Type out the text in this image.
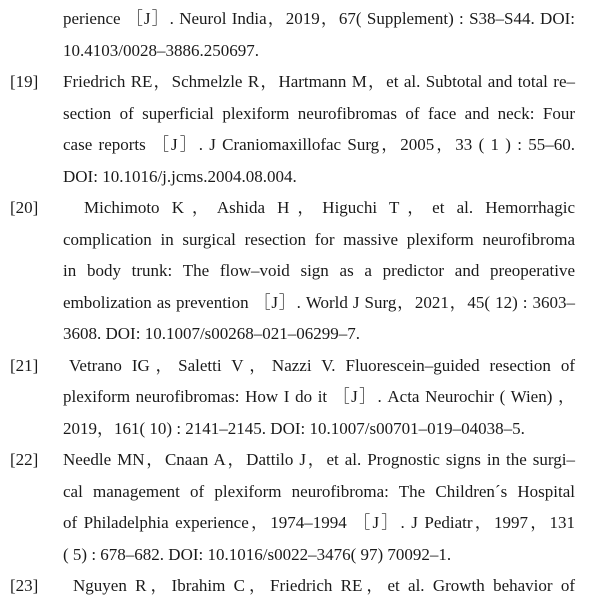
perience ［J］. Neurol India，2019，67( Supplement) : S38–S44. DOI:
10.4103/0028–3886.250697.
[19] Friedrich RE，Schmelzle R，Hartmann M，et al. Subtotal and total re–
section of superficial plexiform neurofibromas of face and neck: Four
case reports ［J］. J Craniomaxillofac Surg，2005，33 ( 1 ) : 55–60.
DOI: 10.1016/j.jcms.2004.08.004.
[20]	Michimoto K，Ashida H，Higuchi T，et al. Hemorrhagic
complication in surgical resection for massive plexiform neurofibroma
in body trunk: The flow–void sign as a predictor and preoperative
embolization as prevention ［J］. World J Surg，2021，45( 12) : 3603–
3608. DOI: 10.1007/s00268–021–06299–7.
[21]	Vetrano IG，Saletti V，Nazzi V. Fluorescein–guided resection of
plexiform neurofibromas: How I do it ［J］. Acta Neurochir ( Wien) ，
2019，161( 10) : 2141–2145. DOI: 10.1007/s00701–019–04038–5.
[22] Needle MN，Cnaan A，Dattilo J，et al. Prognostic signs in the surgi–
cal management of plexiform neurofibroma: The Children´s Hospital
of Philadelphia experience，1974–1994 ［J］. J Pediatr，1997，131
( 5) : 678–682. DOI: 10.1016/s0022–3476( 97) 70092–1.
[23]	Nguyen R，Ibrahim C，Friedrich RE，et al. Growth behavior of
